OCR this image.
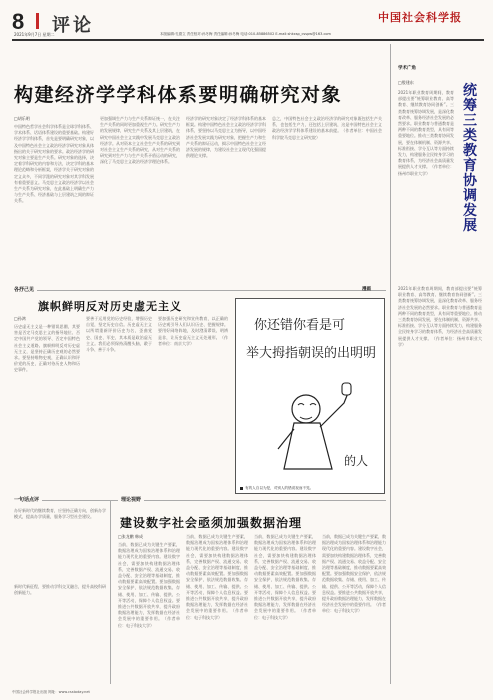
8 评论
2021年9月7日 星期二
中国社会科学报
本版编辑:孔德立 责任校对:孙冬梅 责任编辑:孙冬梅 电话:010-85886502 E-mail:shkxsp_csspw@163.com
构建经济学学科体系要明确研究对象
□胡乐明
中国特色哲学社会科学体系是全球学科体系、学术体系、话语体系建设的重要基础。构建好经济学学科体系，首先是要明确研究对象，以及中国特色社会主义政治经济学研究对象具体指出的关于研究对象的要求。政治经济学的研究对象主要是生产关系。研究对象的选择，决定着学科研究的内容和方法，决定学科的基本理论范畴和分析框架，经济学关于研究对象的定义众多，不同学派的研究对象对其学科发展有着重要意义。马克思主义政治经济学以社会生产关系为研究对象，在此基础上明确生产力与生产关系、经济基础与上层建筑之间的辩证关系。
更加强调生产力与生产关系辩证统一，在关注生产关系的同时更加重视生产力。研究生产力的发展规律，研究生产关系及其上层建筑，在研究中国社会主义实践中发展马克思主义政治经济学。从对资本主义社会生产关系的研究到对社会主义生产关系的研究，从对生产关系的研究到对生产力与生产关系矛盾运动的研究，深化了马克思主义政治经济学理论体系。
经济学的研究对象决定了经济学科体系的基本框架。构建中国特色社会主义政治经济学学科体系，要坚持以马克思主义为指导，以中国经济社会发展实践为研究对象，把握生产力和生产关系的辩证运动，揭示中国特色社会主义经济发展的规律，为建设社会主义现代化强国提供理论支撑。
总之，中国特色社会主义政治经济学的研究对象既包括生产关系，也包括生产力，还包括上层建筑，这是中国特色社会主义政治经济学学科体系建设的基本前提。（作者单位：中国社会科学院马克思主义研究院）
学术广角
□殷建东
统筹三类教育协调发展
2021年职业教育周期间，教育部提出要“统筹职业教育、高等教育、继续教育协同创新”。三类教育统筹协调发展，是深化教育改革、服务经济社会发展的必然要求。职业教育与普通教育是两种不同的教育类型，具有同等重要地位。推动三类教育协同发展，要在体制机制、资源共享、标准衔接、学分互认等方面持续发力，构建服务全民终身学习的教育体系，为经济社会高质量发展提供人才支撑。（作者单位：扬州市职业大学）
2021年职业教育周期间，教育部提出要“统筹职业教育、高等教育、继续教育协同创新”。三类教育统筹协调发展，是深化教育改革、服务经济社会发展的必然要求。职业教育与普通教育是两种不同的教育类型，具有同等重要地位。推动三类教育协同发展，要在体制机制、资源共享、标准衔接、学分互认等方面持续发力，构建服务全民终身学习的教育体系，为经济社会高质量发展提供人才支撑。（作者单位：扬州市职业大学）
各抒己见
旗帜鲜明反对历史虚无主义
□孙鸿
历史虚无主义是一种错误思潮，其要害是否定马克思主义的指导地位、否定中国共产党的领导、否定中国特色社会主义道路。旗帜鲜明反对历史虚无主义，是坚持正确历史观的必然要求。要坚持唯物史观，正确认识和评价党的历史，正确对待历史人物和历史事件。
要善于运用党的历史经验，增强历史自觉，坚定历史自信。历史虚无主义以所谓重新评价历史为名，歪曲党史、国史、军史，其本质是政治虚无主义。我们必须保持清醒头脑，敢于斗争、善于斗争。
要加强历史研究和宣传教育，以正确的历史观引导人们认识历史、把握规律。要用好网络阵地，及时澄清谬误、明辨是非，让历史虚无主义无处遁形。（作者单位：南京大学）
漫画
你还错你看是可
举大拇指朝误的出明明
的人
有的人自以为是，对别人的错误视而不见。
一句话点评
办好新时代的继续教育，应坚持正确方向，创新办学模式，提高办学质量，服务学习型社会建设。
新时代新征程，要推动学科交叉融合，提升高校科研创新能力。
理论视野
建设数字社会亟须加强数据治理
□张龙鹏 韩成
当前，数据已成为关键生产要素，数据治理成为国家治理体系和治理能力现代化的重要内容。建设数字社会，需要加快构建数据治理体系，完善数据产权、流通交易、收益分配、安全治理等基础制度，推动数据要素高效配置。要加强数据安全保护，依法规范数据收集、存储、使用、加工、传输、提供、公开等活动，保障个人信息权益。要推进公共数据开放共享，提升政府数据治理能力，发挥数据在经济社会发展中的重要作用。（作者单位：电子科技大学）
当前，数据已成为关键生产要素，数据治理成为国家治理体系和治理能力现代化的重要内容。建设数字社会，需要加快构建数据治理体系，完善数据产权、流通交易、收益分配、安全治理等基础制度，推动数据要素高效配置。要加强数据安全保护，依法规范数据收集、存储、使用、加工、传输、提供、公开等活动，保障个人信息权益。要推进公共数据开放共享，提升政府数据治理能力，发挥数据在经济社会发展中的重要作用。（作者单位：电子科技大学）
当前，数据已成为关键生产要素，数据治理成为国家治理体系和治理能力现代化的重要内容。建设数字社会，需要加快构建数据治理体系，完善数据产权、流通交易、收益分配、安全治理等基础制度，推动数据要素高效配置。要加强数据安全保护，依法规范数据收集、存储、使用、加工、传输、提供、公开等活动，保障个人信息权益。要推进公共数据开放共享，提升政府数据治理能力，发挥数据在经济社会发展中的重要作用。（作者单位：电子科技大学）
当前，数据已成为关键生产要素，数据治理成为国家治理体系和治理能力现代化的重要内容。建设数字社会，需要加快构建数据治理体系，完善数据产权、流通交易、收益分配、安全治理等基础制度，推动数据要素高效配置。要加强数据安全保护，依法规范数据收集、存储、使用、加工、传输、提供、公开等活动，保障个人信息权益。要推进公共数据开放共享，提升政府数据治理能力，发挥数据在经济社会发展中的重要作用。（作者单位：电子科技大学）
中国社会科学报社出版 网址：www.csstoday.net
